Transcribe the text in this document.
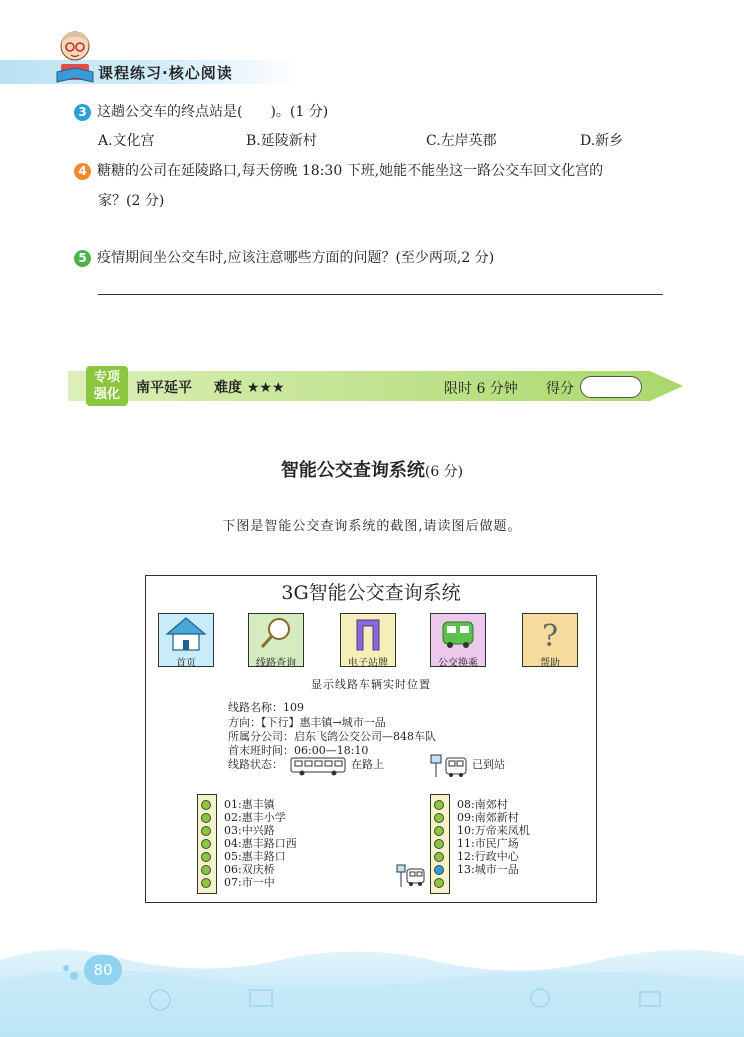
课程练习·核心阅读
3 这趟公交车的终点站是(　　)。(1 分)
A.文化宫	B.延陵新村	C.左岸英郡	D.新乡
4 糖糖的公司在延陵路口,每天傍晚 18:30 下班,她能不能坐这一路公交车回文化宫的
家？(2 分)
5 疫情期间坐公交车时,应该注意哪些方面的问题？(至少两项,2 分)
专项
强化	南平延平 难度 ★★★	限时 6 分钟 得分
智能公交查询系统(6 分)
下图是智能公交查询系统的截图,请读图后做题。
3G智能公交查询系统
?
首页	线路查询	电子站牌	公交换乘	帮助
显示线路车辆实时位置
线路名称：109
方向：【下行】惠丰镇→城市一品
所属分公司：启东飞鸽公交公司—848车队
首末班时间：06:00—18:10
线路状态：	在路上	已到站
01:惠丰镇
02:惠丰小学
03:中兴路
04:惠丰路口西
05:惠丰路口
06:双庆桥
07:市一中
08:南郊村
09:南郊新村
10:万帝来凤机
11:市民广场
12:行政中心
13:城市一品
80
